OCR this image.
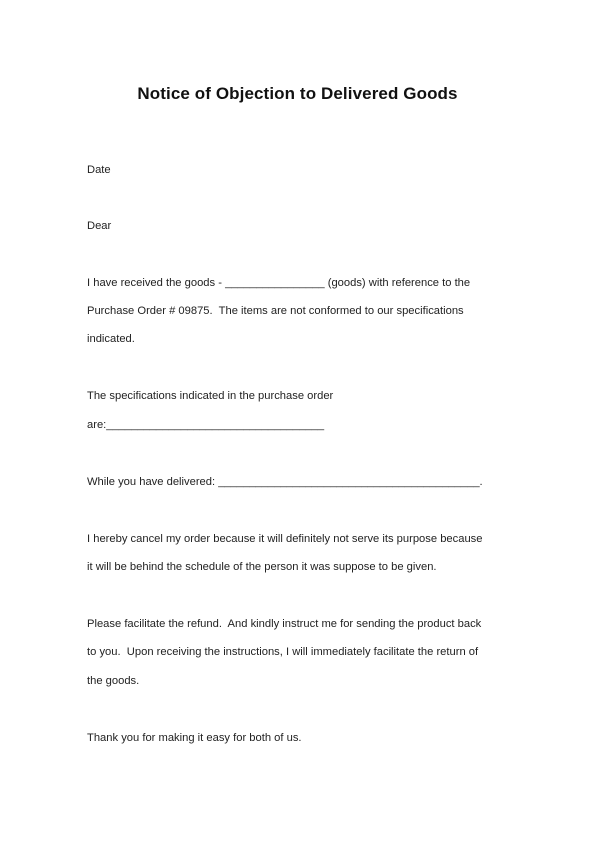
Notice of Objection to Delivered Goods
Date
Dear
I have received the goods - ________________ (goods) with reference to the
Purchase Order # 09875.  The items are not conformed to our specifications
indicated.
The specifications indicated in the purchase order
are:___________________________________
While you have delivered: __________________________________________.
I hereby cancel my order because it will definitely not serve its purpose because
it will be behind the schedule of the person it was suppose to be given.
Please facilitate the refund.  And kindly instruct me for sending the product back
to you.  Upon receiving the instructions, I will immediately facilitate the return of
the goods.
Thank you for making it easy for both of us.
